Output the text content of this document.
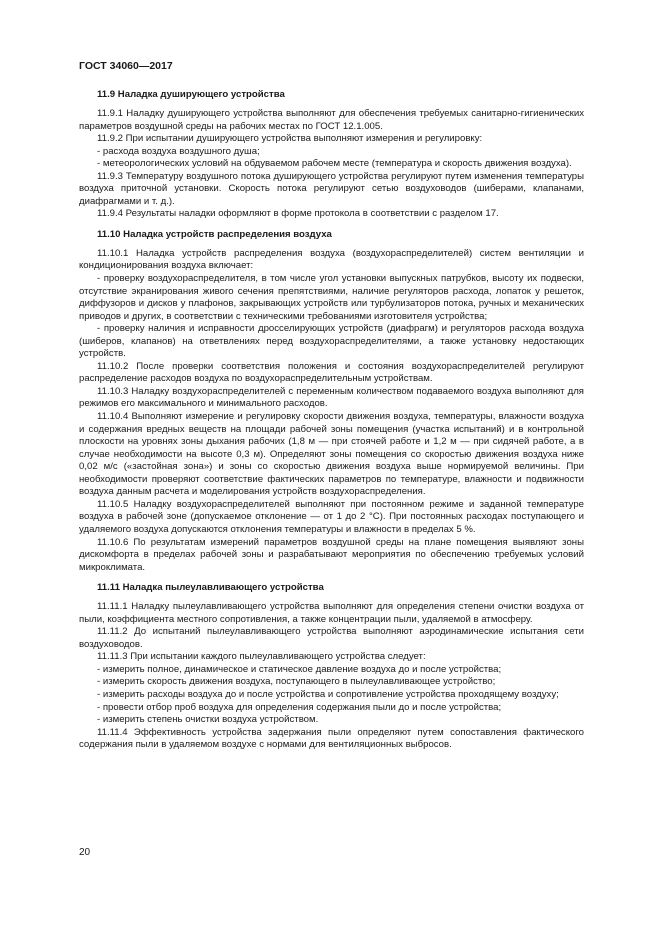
ГОСТ 34060—2017
11.9 Наладка душирующего устройства

11.9.1 Наладку душирующего устройства выполняют для обеспечения требуемых санитарно-гигиенических параметров воздушной среды на рабочих местах по ГОСТ 12.1.005.

11.9.2 При испытании душирующего устройства выполняют измерения и регулировку:

- расхода воздуха воздушного душа;

- метеорологических условий на обдуваемом рабочем месте (температура и скорость движения воздуха).

11.9.3 Температуру воздушного потока душирующего устройства регулируют путем изменения температуры воздуха приточной установки. Скорость потока регулируют сетью воздуховодов (шиберами, клапанами, диафрагмами и т. д.).

11.9.4 Результаты наладки оформляют в форме протокола в соответствии с разделом 17.

11.10 Наладка устройств распределения воздуха

11.10.1 Наладка устройств распределения воздуха (воздухораспределителей) систем вентиляции и кондиционирования воздуха включает:

- проверку воздухораспределителя, в том числе угол установки выпускных патрубков, высоту их подвески, отсутствие экранирования живого сечения препятствиями, наличие регуляторов расхода, лопаток у решеток, диффузоров и дисков у плафонов, закрывающих устройств или турбулизаторов потока, ручных и механических приводов и других, в соответствии с техническими требованиями изготовителя устройства;

- проверку наличия и исправности дросселирующих устройств (диафрагм) и регуляторов расхода воздуха (шиберов, клапанов) на ответвлениях перед воздухораспределителями, а также установку недостающих устройств.

11.10.2 После проверки соответствия положения и состояния воздухораспределителей регулируют распределение расходов воздуха по воздухораспределительным устройствам.

11.10.3 Наладку воздухораспределителей с переменным количеством подаваемого воздуха выполняют для режимов его максимального и минимального расходов.

11.10.4 Выполняют измерение и регулировку скорости движения воздуха, температуры, влажности воздуха и содержания вредных веществ на площади рабочей зоны помещения (участка испытаний) и в контрольной плоскости на уровнях зоны дыхания рабочих (1,8 м — при стоячей работе и 1,2 м — при сидячей работе, а в случае необходимости на высоте 0,3 м). Определяют зоны помещения со скоростью движения воздуха ниже 0,02 м/с («застойная зона») и зоны со скоростью движения воздуха выше нормируемой величины. При необходимости проверяют соответствие фактических параметров по температуре, влажности и подвижности воздуха данным расчета и моделирования устройств воздухораспределения.

11.10.5 Наладку воздухораспределителей выполняют при постоянном режиме и заданной температуре воздуха в рабочей зоне (допускаемое отклонение — от 1 до 2 °С). При постоянных расходах поступающего и удаляемого воздуха допускаются отклонения температуры и влажности в пределах 5 %.

11.10.6 По результатам измерений параметров воздушной среды на плане помещения выявляют зоны дискомфорта в пределах рабочей зоны и разрабатывают мероприятия по обеспечению требуемых условий микроклимата.

11.11 Наладка пылеулавливающего устройства

11.11.1 Наладку пылеулавливающего устройства выполняют для определения степени очистки воздуха от пыли, коэффициента местного сопротивления, а также концентрации пыли, удаляемой в атмосферу.

11.11.2 До испытаний пылеулавливающего устройства выполняют аэродинамические испытания сети воздуховодов.

11.11.3 При испытании каждого пылеулавливающего устройства следует:

- измерить полное, динамическое и статическое давление воздуха до и после устройства;

- измерить скорость движения воздуха, поступающего в пылеулавливающее устройство;

- измерить расходы воздуха до и после устройства и сопротивление устройства проходящему воздуху;

- провести отбор проб воздуха для определения содержания пыли до и после устройства;

- измерить степень очистки воздуха устройством.

11.11.4 Эффективность устройства задержания пыли определяют путем сопоставления фактического содержания пыли в удаляемом воздухе с нормами для вентиляционных выбросов.

20
